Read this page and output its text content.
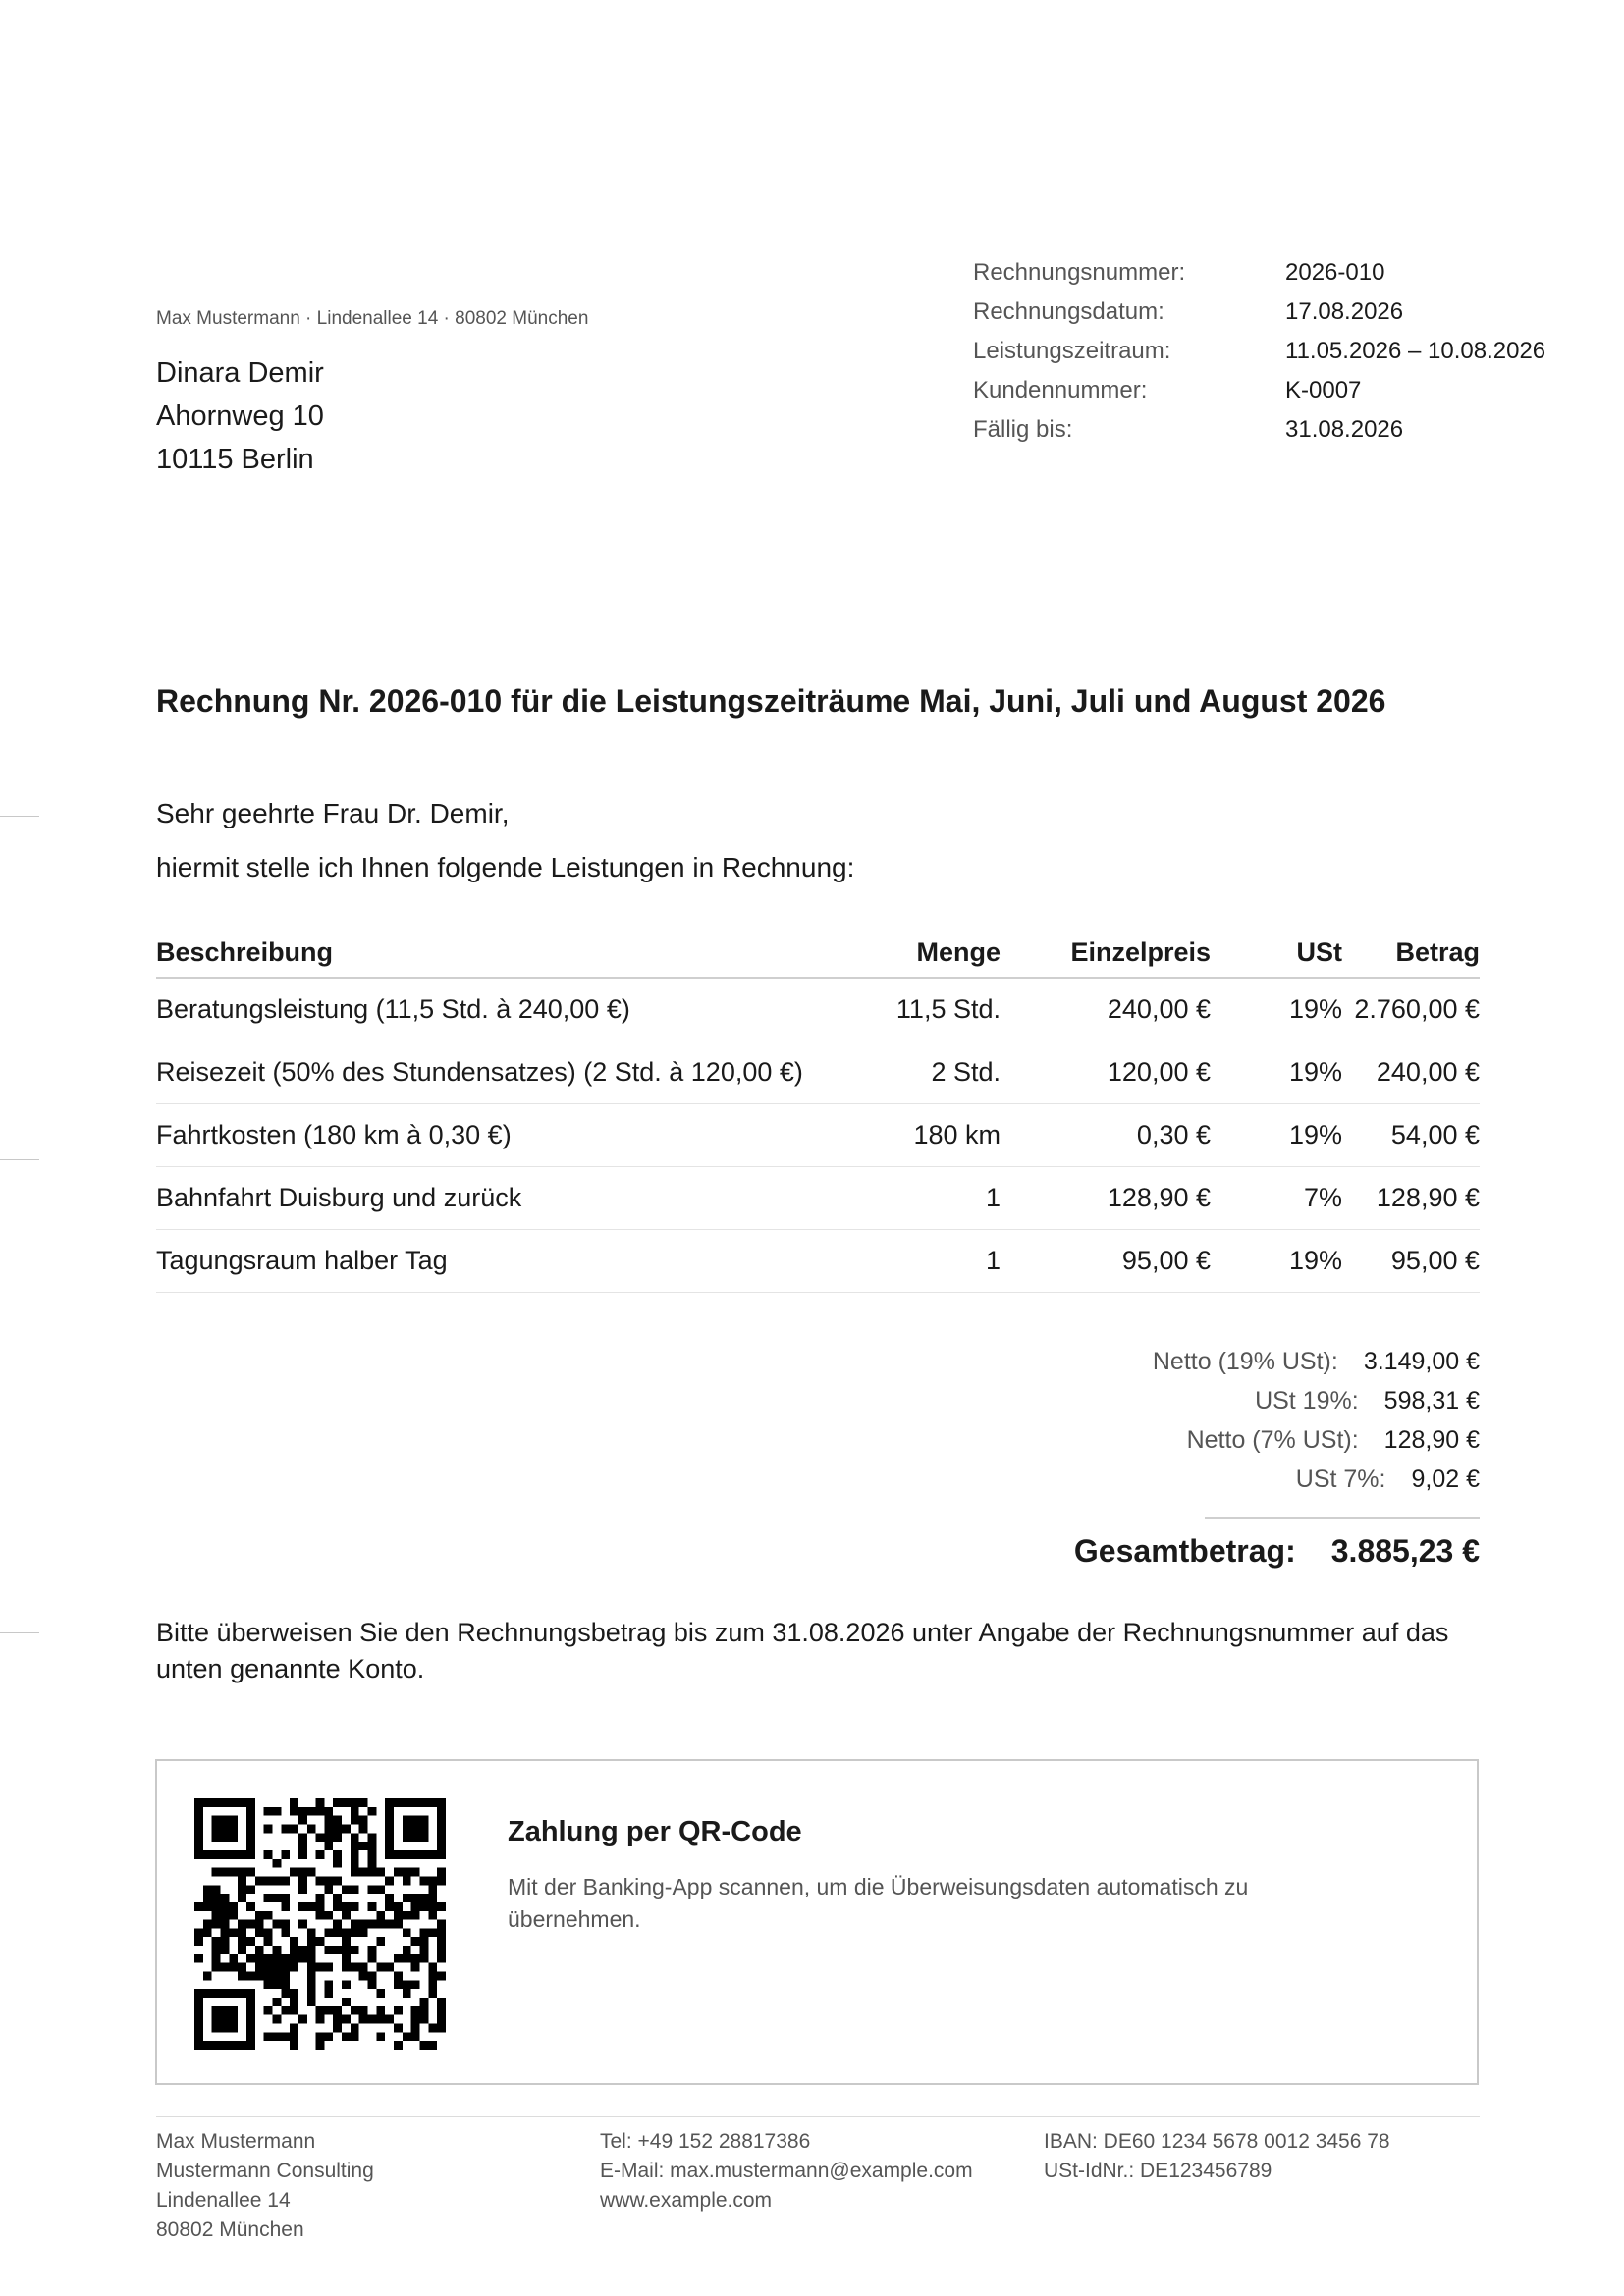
Max Mustermann · Lindenallee 14 · 80802 München
Dinara Demir
Ahornweg 10
10115 Berlin
Rechnungsnummer:	2026-010
Rechnungsdatum:	17.08.2026
Leistungszeitraum:	11.05.2026 – 10.08.2026
Kundennummer:	K-0007
Fällig bis:	31.08.2026
Rechnung Nr. 2026-010 für die Leistungszeiträume Mai, Juni, Juli und August 2026
Sehr geehrte Frau Dr. Demir,
hiermit stelle ich Ihnen folgende Leistungen in Rechnung:
Beschreibung	Menge	Einzelpreis	USt	Betrag
Beratungsleistung (11,5 Std. à 240,00 €)	11,5 Std.	240,00 €	19%	2.760,00 €
Reisezeit (50% des Stundensatzes) (2 Std. à 120,00 €)	2 Std.	120,00 €	19%	240,00 €
Fahrtkosten (180 km à 0,30 €)	180 km	0,30 €	19%	54,00 €
Bahnfahrt Duisburg und zurück	1	128,90 €	7%	128,90 €
Tagungsraum halber Tag	1	95,00 €	19%	95,00 €
Netto (19% USt): 3.149,00 €
USt 19%: 598,31 €
Netto (7% USt): 128,90 €
USt 7%: 9,02 €
Gesamtbetrag: 3.885,23 €
Bitte überweisen Sie den Rechnungsbetrag bis zum 31.08.2026 unter Angabe der Rechnungsnummer auf das unten genannte Konto.
Zahlung per QR-Code
Mit der Banking-App scannen, um die Überweisungsdaten automatisch zu übernehmen.
Max Mustermann
Mustermann Consulting
Lindenallee 14
80802 München
Tel: +49 152 28817386
E-Mail: max.mustermann@example.com
www.example.com
IBAN: DE60 1234 5678 0012 3456 78
USt-IdNr.: DE123456789
